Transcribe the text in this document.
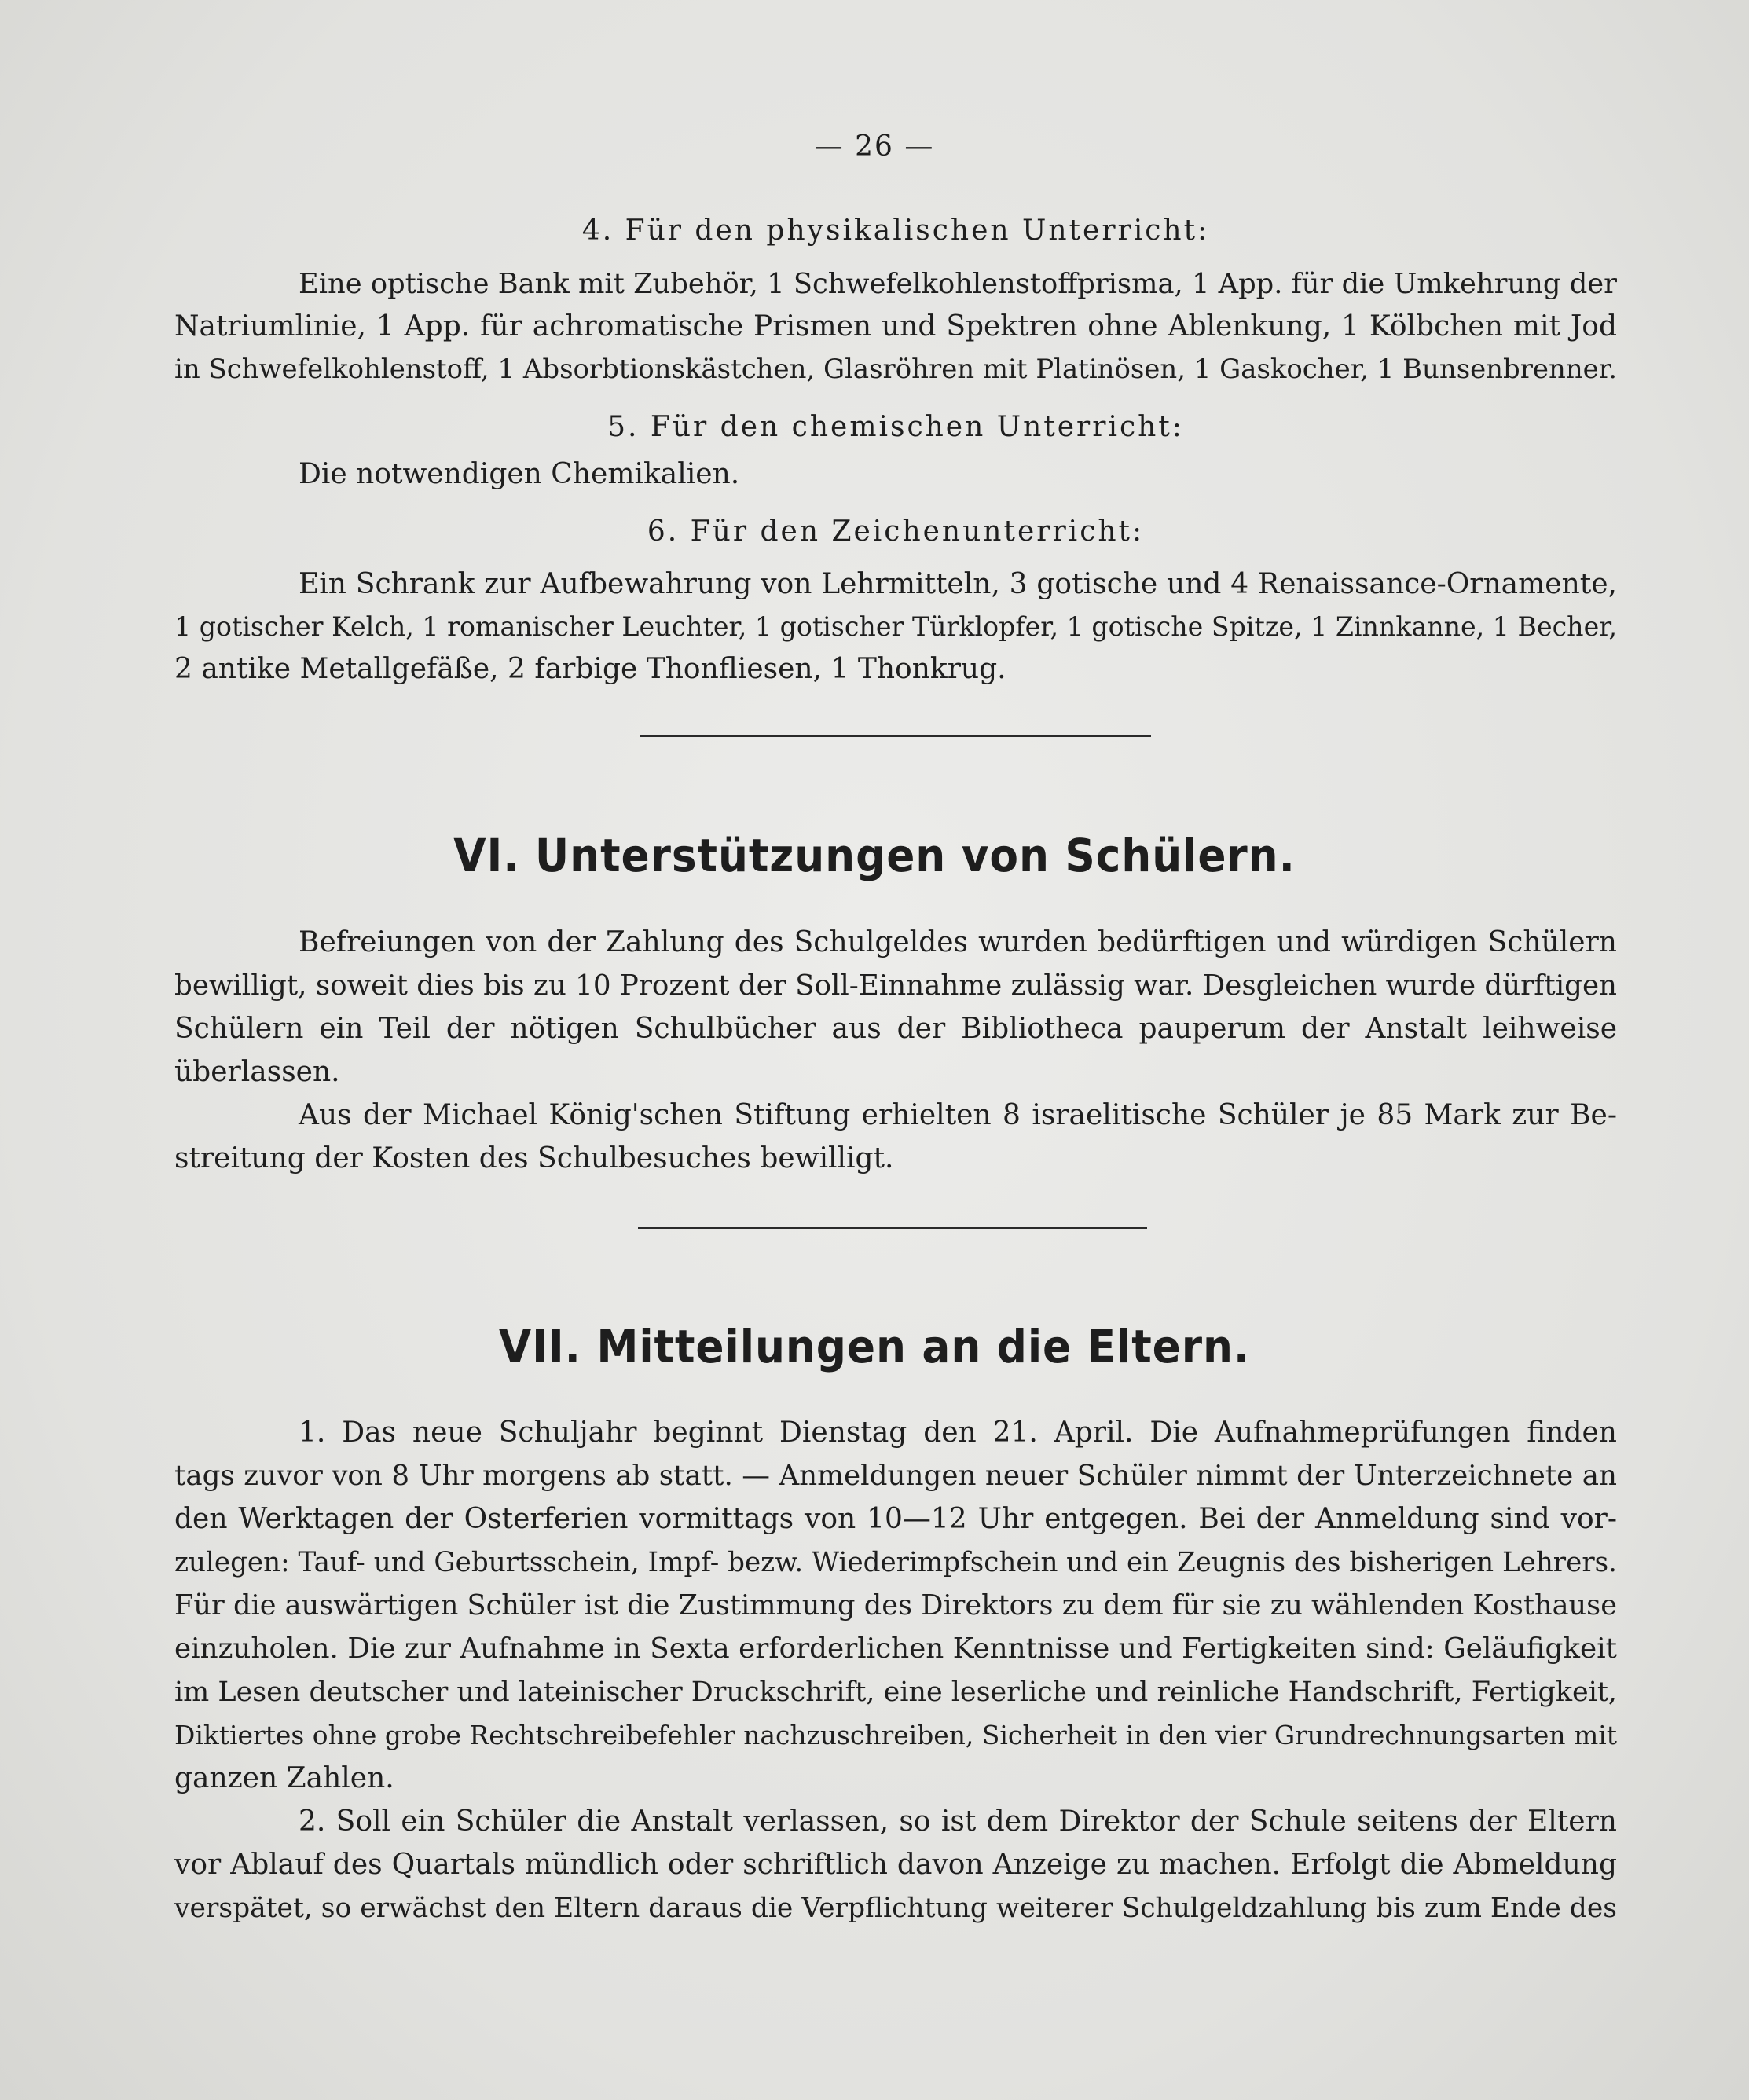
— 26 —
4. Für den physikalischen Unterricht:
Eine optische Bank mit Zubehör, 1 Schwefelkohlenstoffprisma, 1 App. für die Umkehrung der
Natriumlinie, 1 App. für achromatische Prismen und Spektren ohne Ablenkung, 1 Kölbchen mit Jod
in Schwefelkohlenstoff, 1 Absorbtionskästchen, Glasröhren mit Platinösen, 1 Gaskocher, 1 Bunsenbrenner.
5. Für den chemischen Unterricht:
Die notwendigen Chemikalien.
6. Für den Zeichenunterricht:
Ein Schrank zur Aufbewahrung von Lehrmitteln, 3 gotische und 4 Renaissance-Ornamente,
1 gotischer Kelch, 1 romanischer Leuchter, 1 gotischer Türklopfer, 1 gotische Spitze, 1 Zinnkanne, 1 Becher,
2 antike Metallgefäße, 2 farbige Thonfliesen, 1 Thonkrug.
VI. Unterstützungen von Schülern.
Befreiungen von der Zahlung des Schulgeldes wurden bedürftigen und würdigen Schülern
bewilligt, soweit dies bis zu 10 Prozent der Soll-Einnahme zulässig war. Desgleichen wurde dürftigen
Schülern ein Teil der nötigen Schulbücher aus der Bibliotheca pauperum der Anstalt leihweise
überlassen.
Aus der Michael König'schen Stiftung erhielten 8 israelitische Schüler je 85 Mark zur Be-
streitung der Kosten des Schulbesuches bewilligt.
VII. Mitteilungen an die Eltern.
1. Das neue Schuljahr beginnt Dienstag den 21. April. Die Aufnahmeprüfungen finden
tags zuvor von 8 Uhr morgens ab statt. — Anmeldungen neuer Schüler nimmt der Unterzeichnete an
den Werktagen der Osterferien vormittags von 10—12 Uhr entgegen. Bei der Anmeldung sind vor-
zulegen: Tauf- und Geburtsschein, Impf- bezw. Wiederimpfschein und ein Zeugnis des bisherigen Lehrers.
Für die auswärtigen Schüler ist die Zustimmung des Direktors zu dem für sie zu wählenden Kosthause
einzuholen. Die zur Aufnahme in Sexta erforderlichen Kenntnisse und Fertigkeiten sind: Geläufigkeit
im Lesen deutscher und lateinischer Druckschrift, eine leserliche und reinliche Handschrift, Fertigkeit,
Diktiertes ohne grobe Rechtschreibefehler nachzuschreiben, Sicherheit in den vier Grundrechnungsarten mit
ganzen Zahlen.
2. Soll ein Schüler die Anstalt verlassen, so ist dem Direktor der Schule seitens der Eltern
vor Ablauf des Quartals mündlich oder schriftlich davon Anzeige zu machen. Erfolgt die Abmeldung
verspätet, so erwächst den Eltern daraus die Verpflichtung weiterer Schulgeldzahlung bis zum Ende des
